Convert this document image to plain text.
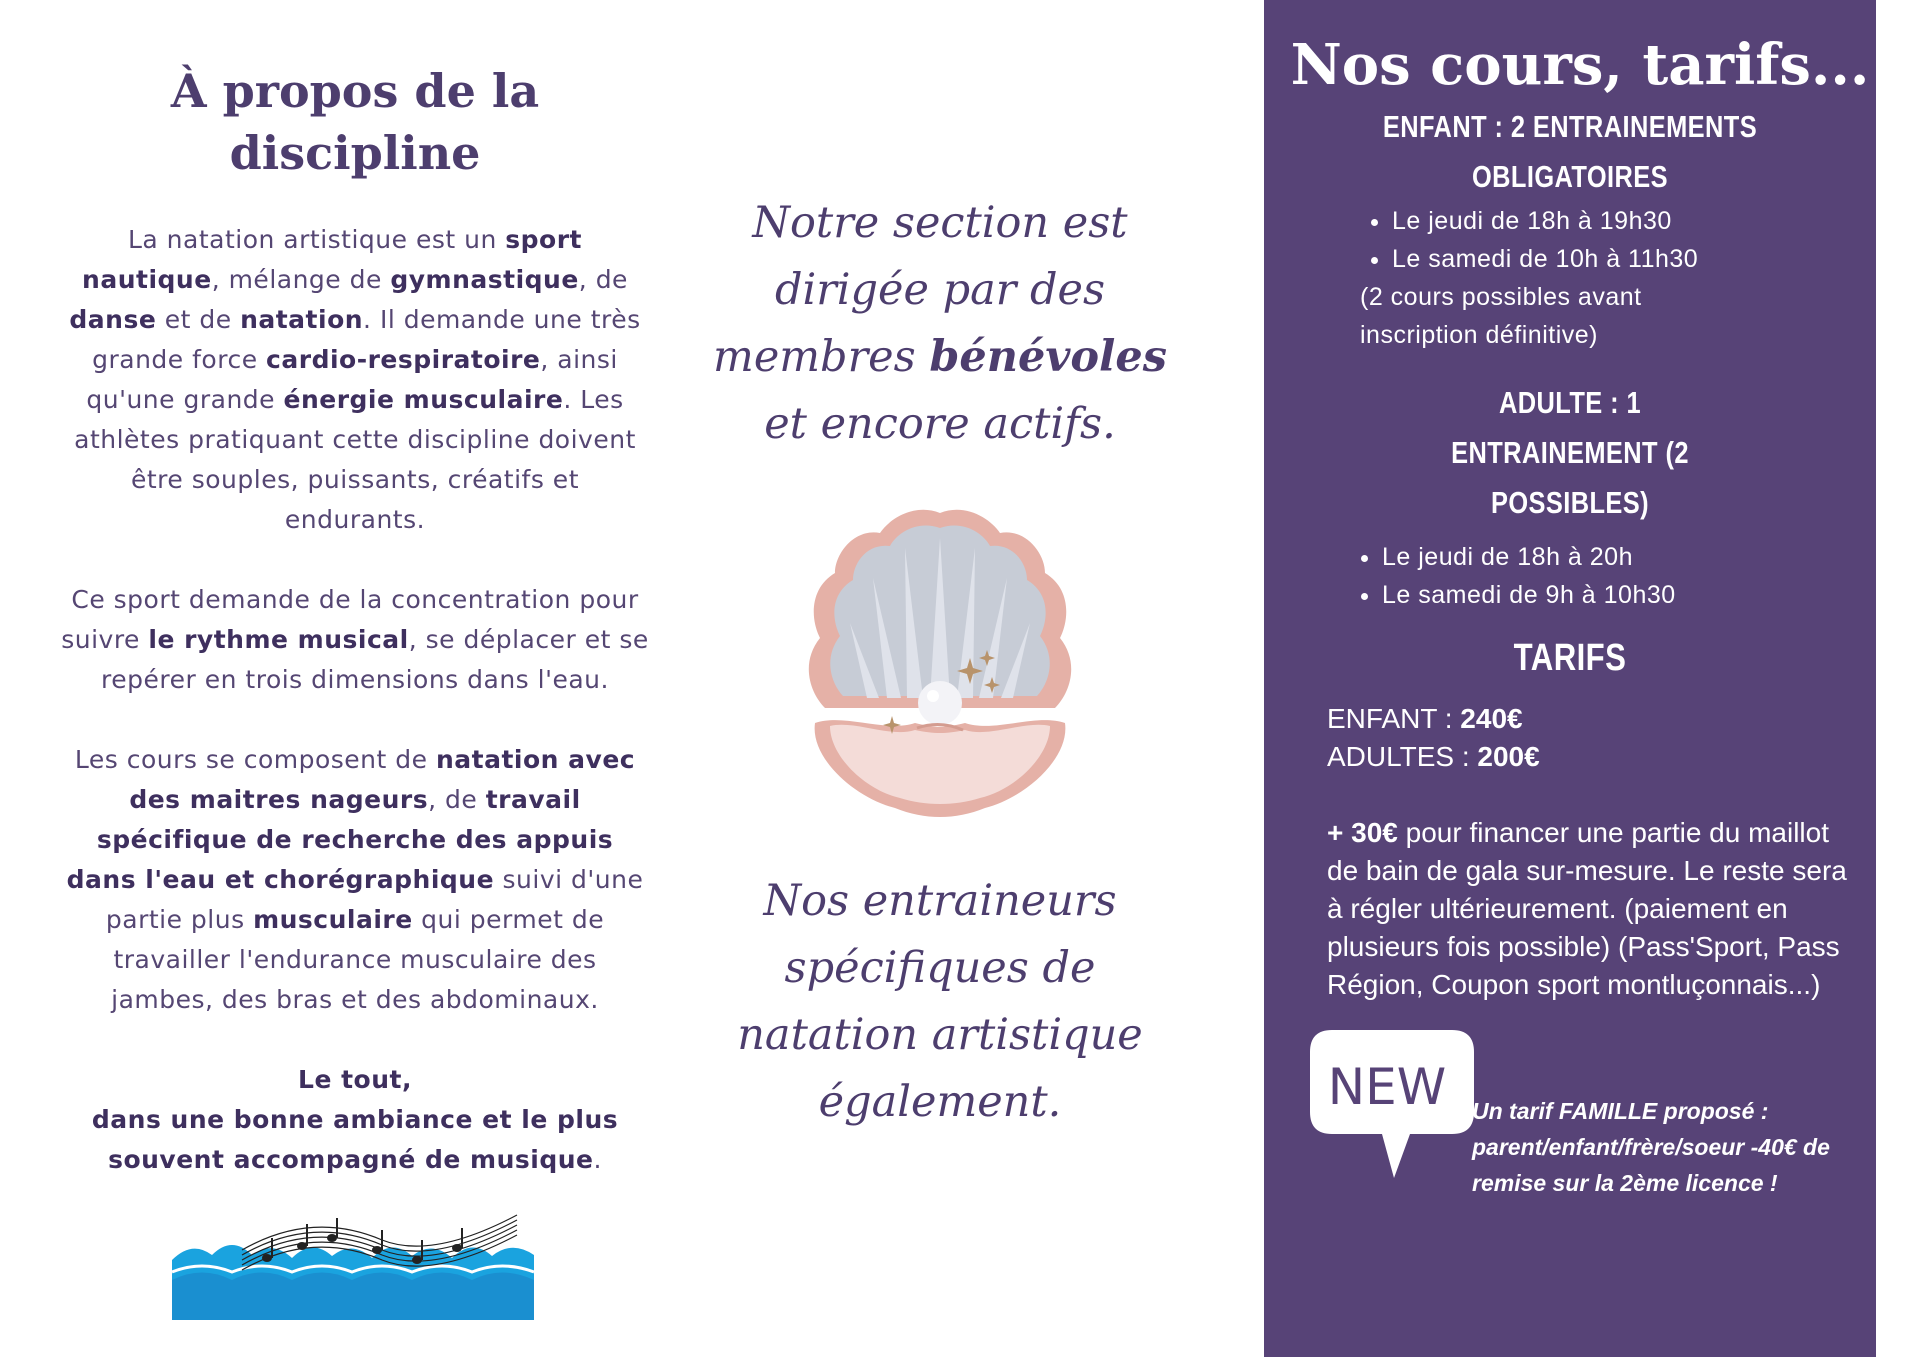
À propos de la discipline

La natation artistique est un sport nautique, mélange de gymnastique, de danse et de natation. Il demande une très grande force cardio-respiratoire, ainsi qu'une grande énergie musculaire. Les athlètes pratiquant cette discipline doivent être souples, puissants, créatifs et endurants.

Ce sport demande de la concentration pour suivre le rythme musical, se déplacer et se repérer en trois dimensions dans l'eau.

Les cours se composent de natation avec des maitres nageurs, de travail spécifique de recherche des appuis dans l'eau et chorégraphique suivi d'une partie plus musculaire qui permet de travailler l'endurance musculaire des jambes, des bras et des abdominaux.

Le tout,
dans une bonne ambiance et le plus souvent accompagné de musique.

Notre section est dirigée par des membres bénévoles et encore actifs.

Nos entraineurs spécifiques de natation artistique également.

Nos cours, tarifs...
ENFANT : 2 ENTRAINEMENTS OBLIGATOIRES
• Le jeudi de 18h à 19h30
• Le samedi de 10h à 11h30

(2 cours possibles avant inscription définitive)

ADULTE : 1 ENTRAINEMENT (2 POSSIBLES)
• Le jeudi de 18h à 20h
• Le samedi de 9h à 10h30
TARIFS
ENFANT : 240€
ADULTES : 200€

+ 30€ pour financer une partie du maillot de bain de gala sur-mesure. Le reste sera à régler ultérieurement. (paiement en plusieurs fois possible) (Pass'Sport, Pass Région, Coupon sport montluçonnais...)

NEW	Un tarif FAMILLE proposé : parent/enfant/frère/soeur -40€ de remise sur la 2ème licence !
